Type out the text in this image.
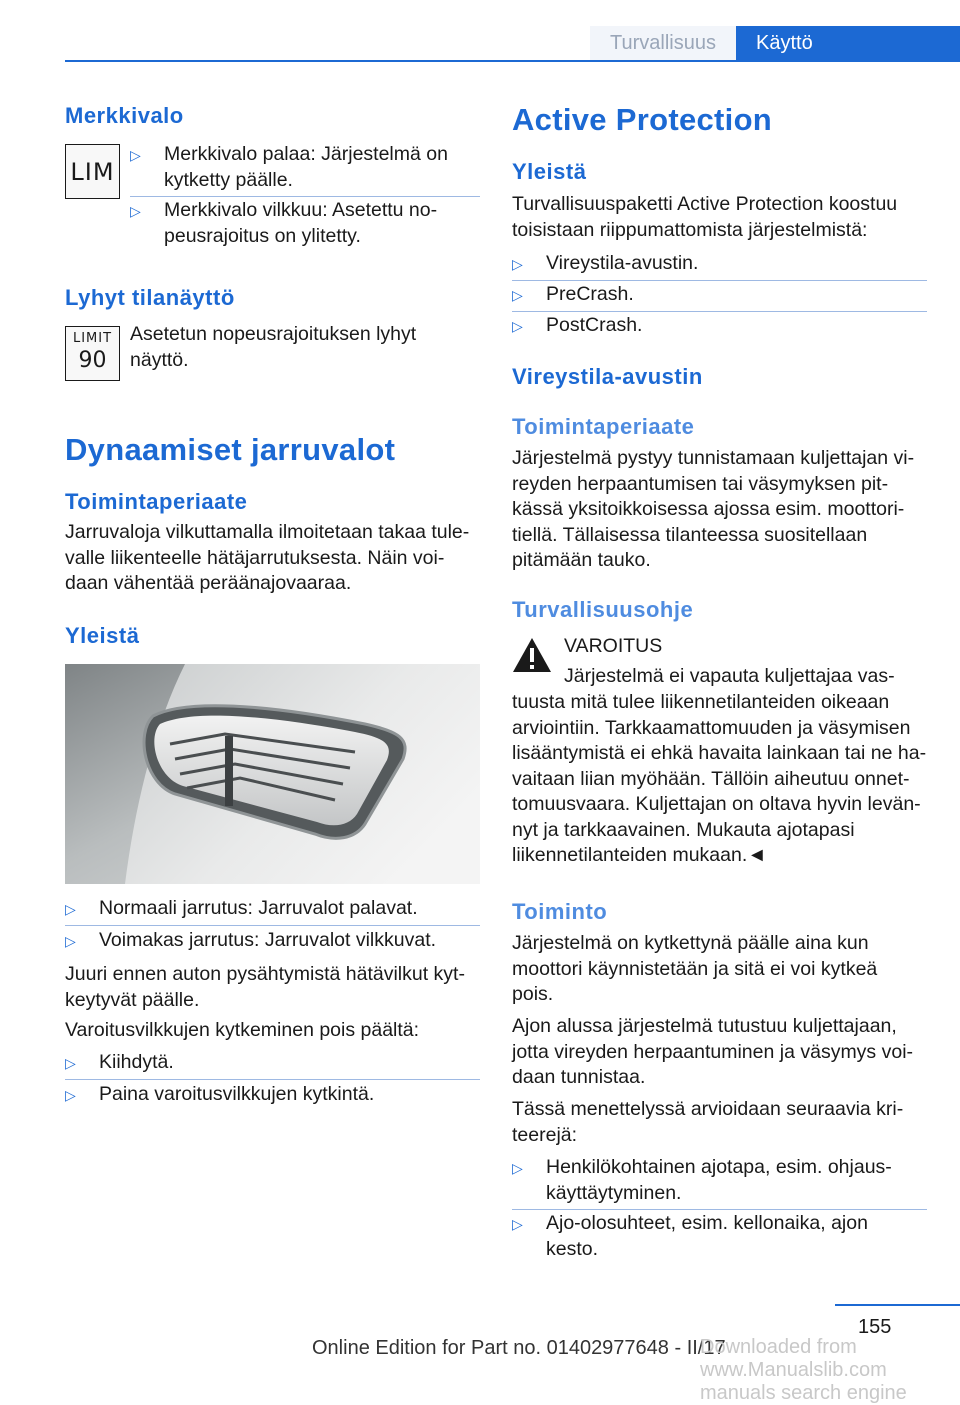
Turvallisuus	Käyttö
Merkkivalo
LIM
▷	Merkkivalo palaa: Järjestelmä on
kytketty päälle.
▷	Merkkivalo vilkkuu: Asetettu no-
peusrajoitus on ylitetty.
Lyhyt tilanäyttö
LIMIT
90
Asetetun nopeusrajoituksen lyhyt
näyttö.
Dynaamiset jarruvalot
Toimintaperiaate
Jarruvaloja vilkuttamalla ilmoitetaan takaa tule-
valle liikenteelle hätäjarrutuksesta. Näin voi-
daan vähentää peräänajovaaraa.
Yleistä
▷	Normaali jarrutus: Jarruvalot palavat.
▷	Voimakas jarrutus: Jarruvalot vilkkuvat.
Juuri ennen auton pysähtymistä hätävilkut kyt-
keytyvät päälle.
Varoitusvilkkujen kytkeminen pois päältä:
▷	Kiihdytä.
▷	Paina varoitusvilkkujen kytkintä.
Active Protection
Yleistä
Turvallisuuspaketti Active Protection koostuu
toisistaan riippumattomista järjestelmistä:
▷	Vireystila-avustin.
▷	PreCrash.
▷	PostCrash.
Vireystila-avustin
Toimintaperiaate
Järjestelmä pystyy tunnistamaan kuljettajan vi-
reyden herpaantumisen tai väsymyksen pit-
kässä yksitoikkoisessa ajossa esim. moottori-
tiellä. Tällaisessa tilanteessa suositellaan
pitämään tauko.
Turvallisuusohje
VAROITUS
Järjestelmä ei vapauta kuljettajaa vas-
tuusta mitä tulee liikennetilanteiden oikeaan
arviointiin. Tarkkaamattomuuden ja väsymisen
lisääntymistä ei ehkä havaita lainkaan tai ne ha-
vaitaan liian myöhään. Tällöin aiheutuu onnet-
tomuusvaara. Kuljettajan on oltava hyvin levän-
nyt ja tarkkaavainen. Mukauta ajotapasi
liikennetilanteiden mukaan.◄
Toiminto
Järjestelmä on kytkettynä päälle aina kun
moottori käynnistetään ja sitä ei voi kytkeä
pois.
Ajon alussa järjestelmä tutustuu kuljettajaan,
jotta vireyden herpaantuminen ja väsymys voi-
daan tunnistaa.
Tässä menettelyssä arvioidaan seuraavia kri-
teerejä:
▷	Henkilökohtainen ajotapa, esim. ohjaus-
käyttäytyminen.
▷	Ajo-olosuhteet, esim. kellonaika, ajon
kesto.
155
Online Edition for Part no. 01402977648 - II/17
Downloaded from www.Manualslib.com manuals search engine
